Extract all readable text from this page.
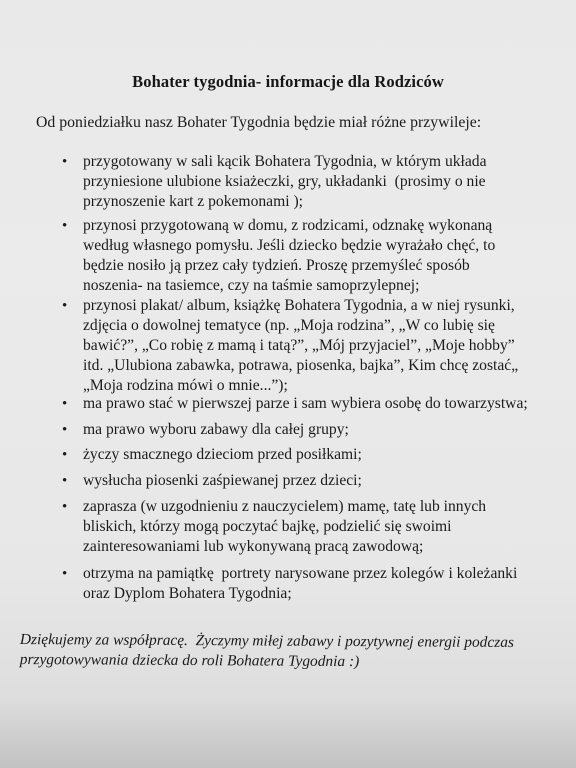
Bohater tygodnia- informacje dla Rodziców

Od poniedziałku nasz Bohater Tygodnia będzie miał różne przywileje:

• przygotowany w sali kącik Bohatera Tygodnia, w którym układa
przyniesione ulubione ksiażeczki, gry, układanki  (prosimy o nie
przynoszenie kart z pokemonami );

• przynosi przygotowaną w domu, z rodzicami, odznakę wykonaną
według własnego pomysłu. Jeśli dziecko będzie wyrażało chęć, to
będzie nosiło ją przez cały tydzień. Proszę przemyśleć sposób
noszenia- na tasiemce, czy na taśmie samoprzylepnej;

• przynosi plakat/ album, książkę Bohatera Tygodnia, a w niej rysunki,
zdjęcia o dowolnej tematyce (np. „Moja rodzina”, „W co lubię się
bawić?”, „Co robię z mamą i tatą?”, „Mój przyjaciel”, „Moje hobby”
itd. „Ulubiona zabawka, potrawa, piosenka, bajka”, Kim chcę zostać„
„Moja rodzina mówi o mnie...”);

• ma prawo stać w pierwszej parze i sam wybiera osobę do towarzystwa;

• ma prawo wyboru zabawy dla całej grupy;

• życzy smacznego dzieciom przed posiłkami;

• wysłucha piosenki zaśpiewanej przez dzieci;

• zaprasza (w uzgodnieniu z nauczycielem) mamę, tatę lub innych
bliskich, którzy mogą poczytać bajkę, podzielić się swoimi
zainteresowaniami lub wykonywaną pracą zawodową;

• otrzyma na pamiątkę  portrety narysowane przez kolegów i koleżanki
oraz Dyplom Bohatera Tygodnia;

Dziękujemy za współpracę.  Życzymy miłej zabawy i pozytywnej energii podczas
przygotowywania dziecka do roli Bohatera Tygodnia :)
